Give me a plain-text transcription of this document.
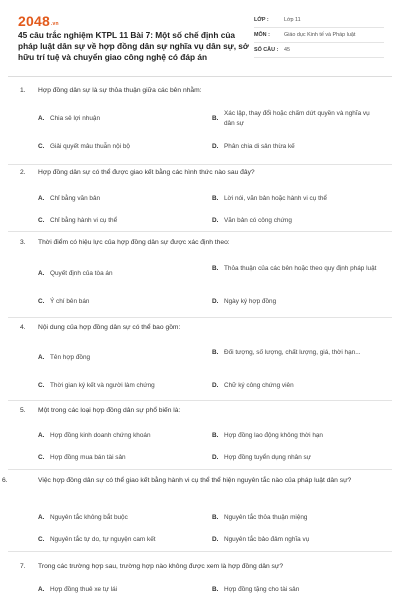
2048.vn
45 câu trắc nghiệm KTPL 11 Bài 7: Một số chế định của pháp luật dân sự về hợp đồng dân sự nghĩa vụ dân sự, sở hữu trí tuệ và chuyển giao công nghệ có đáp án
LỚP :	Lớp 11
MÔN :	Giáo dục Kinh tế và Pháp luật
SỐ CÂU :	45
1. Hợp đồng dân sự là sự thỏa thuận giữa các bên nhằm:
A. Chia sẻ lợi nhuận	B.
Xác lập, thay đổi hoặc chấm dứt quyền và nghĩa vụ dân sự
C. Giải quyết mâu thuẫn nội bộ	D. Phân chia di sản thừa kế
2. Hợp đồng dân sự có thể được giao kết bằng các hình thức nào sau đây?
A. Chỉ bằng văn bản	B. Lời nói, văn bản hoặc hành vi cụ thể
C. Chỉ bằng hành vi cụ thể	D. Văn bản có công chứng
3. Thời điểm có hiệu lực của hợp đồng dân sự được xác định theo:
A. Quyết định của tòa án
B. Thỏa thuận của các bên hoặc theo quy định pháp luật
C. Ý chí bên bán	D. Ngày ký hợp đồng
4. Nội dung của hợp đồng dân sự có thể bao gồm:
A. Tên hợp đồng
B. Đối tượng, số lượng, chất lượng, giá, thời hạn...
C. Thời gian ký kết và người làm chứng	D. Chữ ký công chứng viên
5. Một trong các loại hợp đồng dân sự phổ biến là:
A. Hợp đồng kinh doanh chứng khoán	B. Hợp đồng lao động không thời hạn
C. Hợp đồng mua bán tài sản	D. Hợp đồng tuyển dụng nhân sự
6.	Việc hợp đồng dân sự có thể giao kết bằng hành vi cụ thể thể hiện nguyên tắc nào của pháp luật dân sự?
A. Nguyên tắc không bắt buộc	B. Nguyên tắc thỏa thuận miệng
C. Nguyên tắc tự do, tự nguyện cam kết	D. Nguyên tắc bảo đảm nghĩa vụ
7. Trong các trường hợp sau, trường hợp nào không được xem là hợp đồng dân sự?
A. Hợp đồng thuê xe tự lái	B. Hợp đồng tặng cho tài sản
